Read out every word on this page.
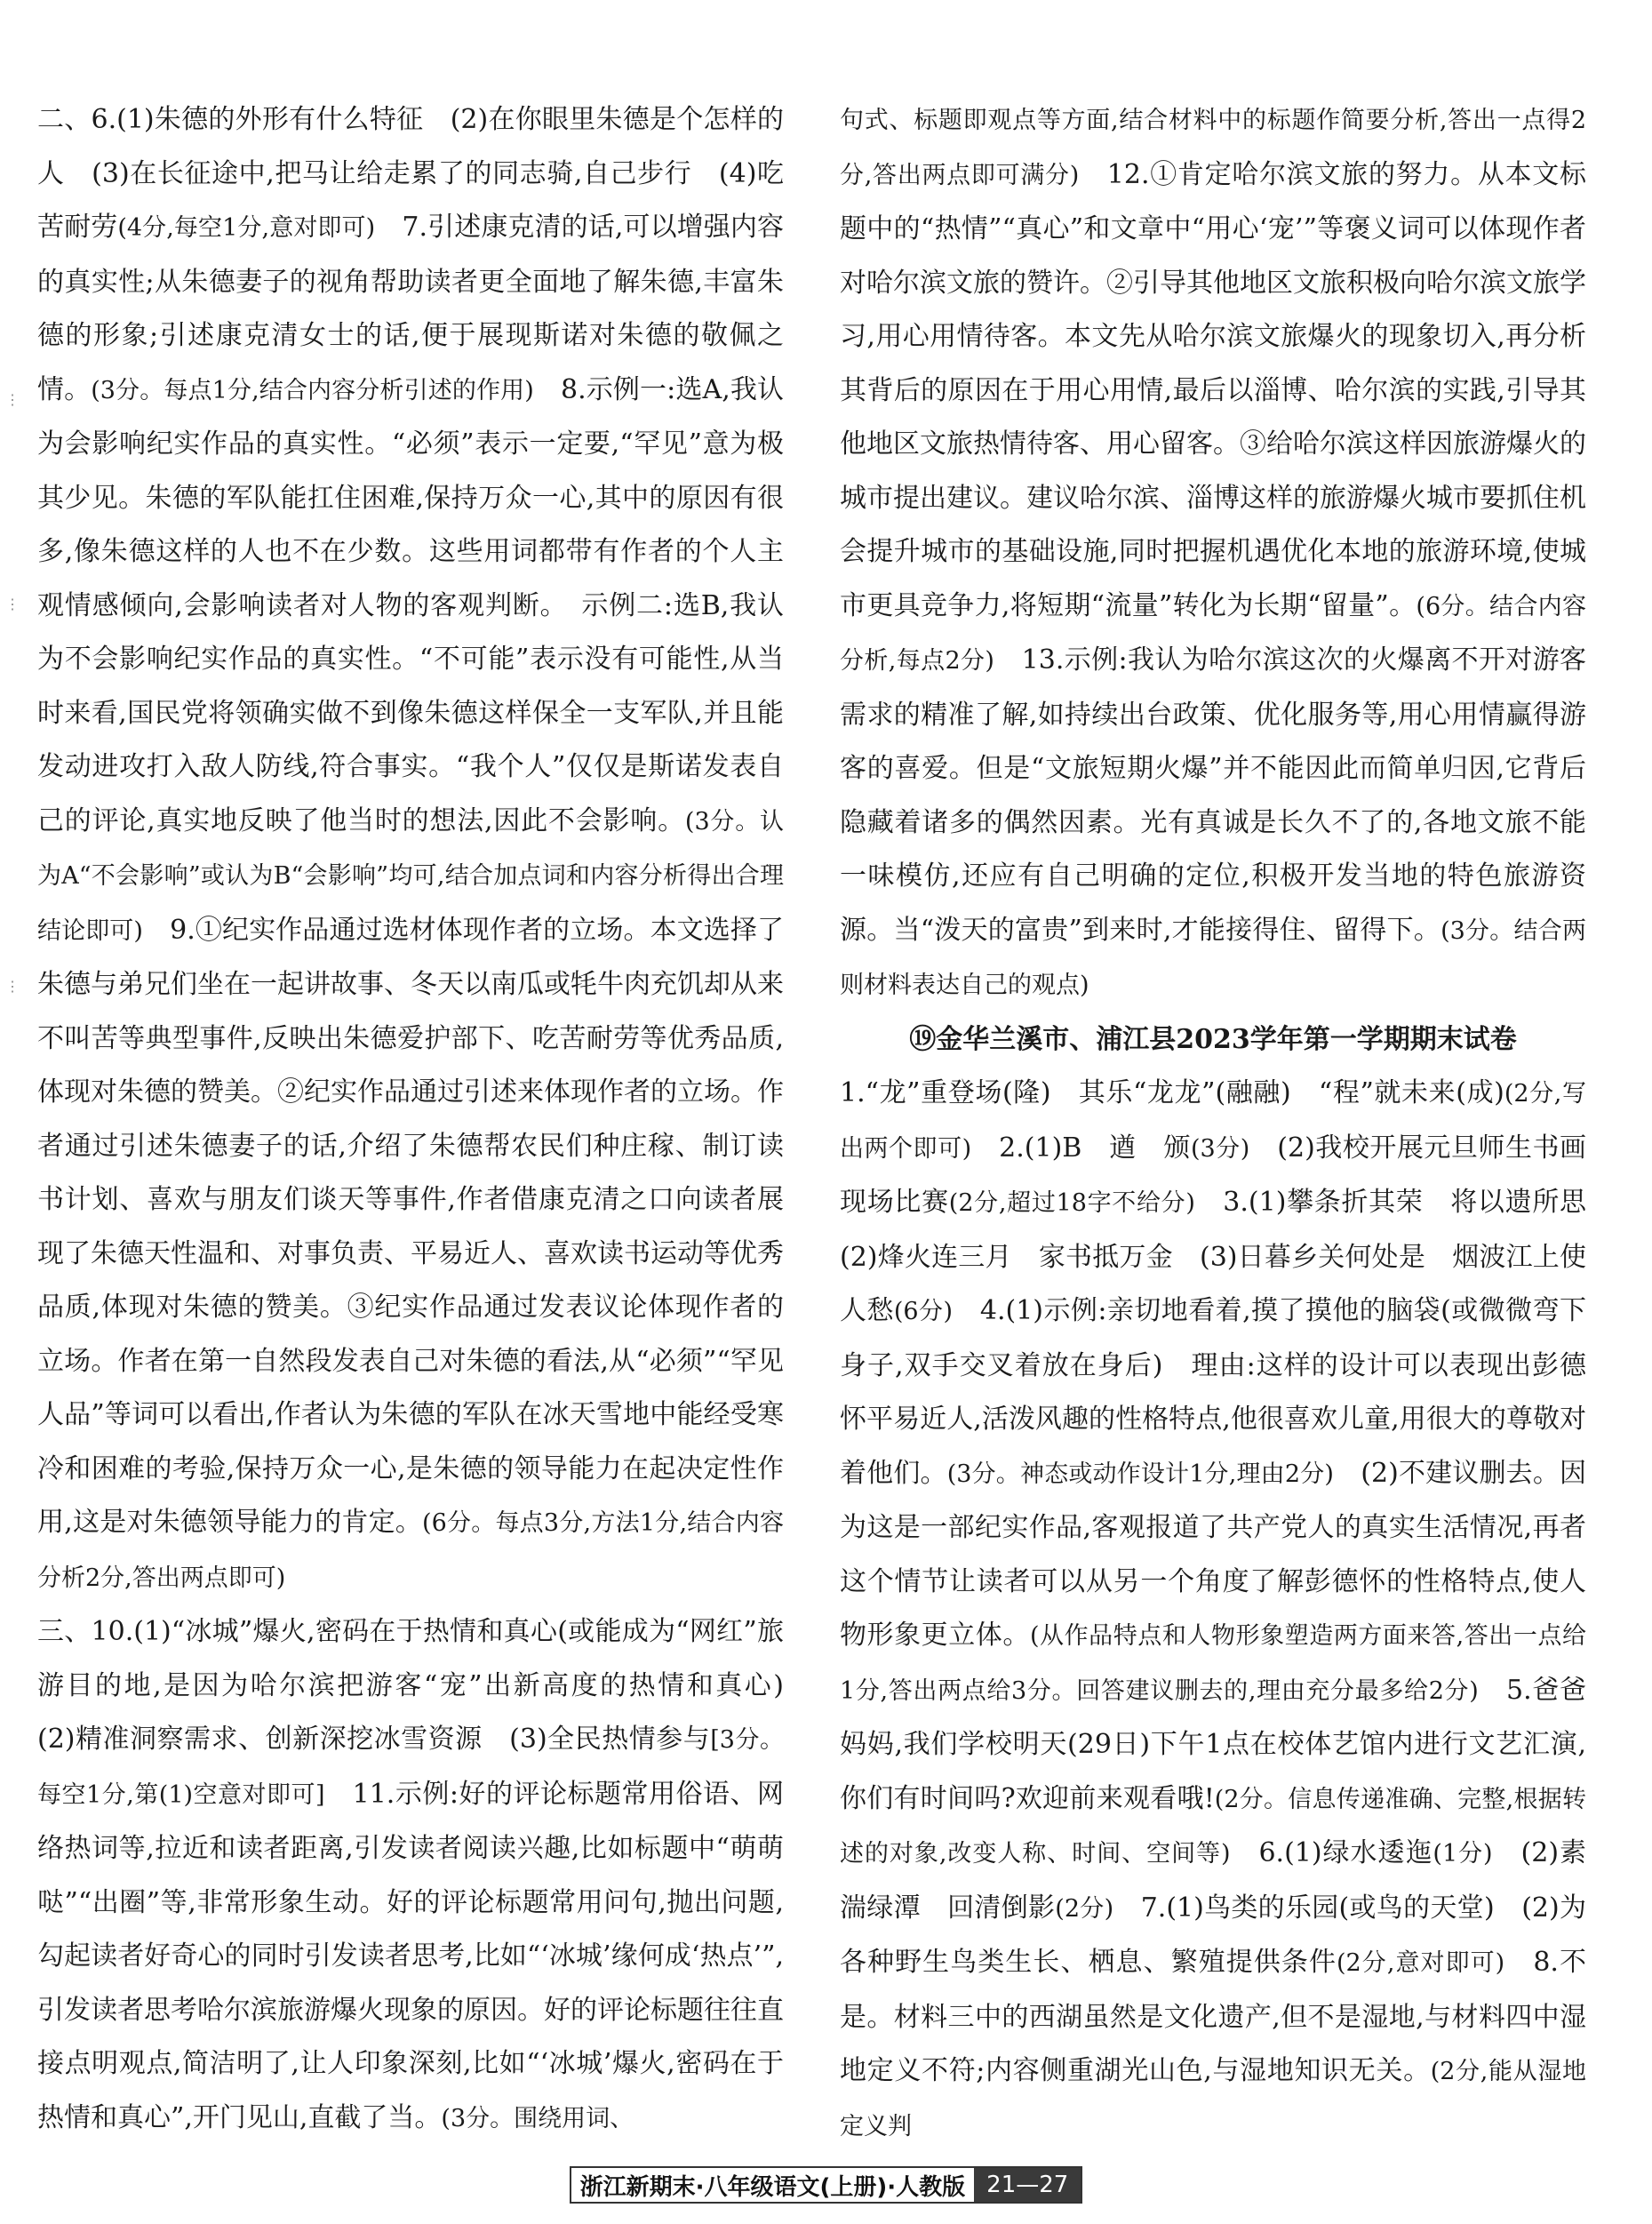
二、6.(1)朱德的外形有什么特征　(2)在你眼里朱德是个怎样的人　(3)在长征途中,把马让给走累了的同志骑,自己步行　(4)吃苦耐劳(4分,每空1分,意对即可)　7.引述康克清的话,可以增强内容的真实性;从朱德妻子的视角帮助读者更全面地了解朱德,丰富朱德的形象;引述康克清女士的话,便于展现斯诺对朱德的敬佩之情。(3分。每点1分,结合内容分析引述的作用)　8.示例一:选A,我认为会影响纪实作品的真实性。“必须”表示一定要,“罕见”意为极其少见。朱德的军队能扛住困难,保持万众一心,其中的原因有很多,像朱德这样的人也不在少数。这些用词都带有作者的个人主观情感倾向,会影响读者对人物的客观判断。　示例二:选B,我认为不会影响纪实作品的真实性。“不可能”表示没有可能性,从当时来看,国民党将领确实做不到像朱德这样保全一支军队,并且能发动进攻打入敌人防线,符合事实。“我个人”仅仅是斯诺发表自己的评论,真实地反映了他当时的想法,因此不会影响。(3分。认为A“不会影响”或认为B“会影响”均可,结合加点词和内容分析得出合理结论即可)　9.①纪实作品通过选材体现作者的立场。本文选择了朱德与弟兄们坐在一起讲故事、冬天以南瓜或牦牛肉充饥却从来不叫苦等典型事件,反映出朱德爱护部下、吃苦耐劳等优秀品质,体现对朱德的赞美。②纪实作品通过引述来体现作者的立场。作者通过引述朱德妻子的话,介绍了朱德帮农民们种庄稼、制订读书计划、喜欢与朋友们谈天等事件,作者借康克清之口向读者展现了朱德天性温和、对事负责、平易近人、喜欢读书运动等优秀品质,体现对朱德的赞美。③纪实作品通过发表议论体现作者的立场。作者在第一自然段发表自己对朱德的看法,从“必须”“罕见人品”等词可以看出,作者认为朱德的军队在冰天雪地中能经受寒冷和困难的考验,保持万众一心,是朱德的领导能力在起决定性作用,这是对朱德领导能力的肯定。(6分。每点3分,方法1分,结合内容分析2分,答出两点即可)

三、10.(1)“冰城”爆火,密码在于热情和真心(或能成为“网红”旅游目的地,是因为哈尔滨把游客“宠”出新高度的热情和真心)　(2)精准洞察需求、创新深挖冰雪资源　(3)全民热情参与[3分。每空1分,第(1)空意对即可]　11.示例:好的评论标题常用俗语、网络热词等,拉近和读者距离,引发读者阅读兴趣,比如标题中“萌萌哒”“出圈”等,非常形象生动。好的评论标题常用问句,抛出问题,勾起读者好奇心的同时引发读者思考,比如“‘冰城’缘何成‘热点’”,引发读者思考哈尔滨旅游爆火现象的原因。好的评论标题往往直接点明观点,简洁明了,让人印象深刻,比如“‘冰城’爆火,密码在于热情和真心”,开门见山,直截了当。(3分。围绕用词、

句式、标题即观点等方面,结合材料中的标题作简要分析,答出一点得2分,答出两点即可满分)　12.①肯定哈尔滨文旅的努力。从本文标题中的“热情”“真心”和文章中“用心‘宠’”等褒义词可以体现作者对哈尔滨文旅的赞许。②引导其他地区文旅积极向哈尔滨文旅学习,用心用情待客。本文先从哈尔滨文旅爆火的现象切入,再分析其背后的原因在于用心用情,最后以淄博、哈尔滨的实践,引导其他地区文旅热情待客、用心留客。③给哈尔滨这样因旅游爆火的城市提出建议。建议哈尔滨、淄博这样的旅游爆火城市要抓住机会提升城市的基础设施,同时把握机遇优化本地的旅游环境,使城市更具竞争力,将短期“流量”转化为长期“留量”。(6分。结合内容分析,每点2分)　13.示例:我认为哈尔滨这次的火爆离不开对游客需求的精准了解,如持续出台政策、优化服务等,用心用情赢得游客的喜爱。但是“文旅短期火爆”并不能因此而简单归因,它背后隐藏着诸多的偶然因素。光有真诚是长久不了的,各地文旅不能一味模仿,还应有自己明确的定位,积极开发当地的特色旅游资源。当“泼天的富贵”到来时,才能接得住、留得下。(3分。结合两则材料表达自己的观点)

⑲金华兰溪市、浦江县2023学年第一学期期末试卷

1.“龙”重登场(隆)　其乐“龙龙”(融融)　“程”就未来(成)(2分,写出两个即可)　2.(1)B　遒　颁(3分)　(2)我校开展元旦师生书画现场比赛(2分,超过18字不给分)　3.(1)攀条折其荣　将以遗所思　(2)烽火连三月　家书抵万金　(3)日暮乡关何处是　烟波江上使人愁(6分)　4.(1)示例:亲切地看着,摸了摸他的脑袋(或微微弯下身子,双手交叉着放在身后)　理由:这样的设计可以表现出彭德怀平易近人,活泼风趣的性格特点,他很喜欢儿童,用很大的尊敬对着他们。(3分。神态或动作设计1分,理由2分)　(2)不建议删去。因为这是一部纪实作品,客观报道了共产党人的真实生活情况,再者这个情节让读者可以从另一个角度了解彭德怀的性格特点,使人物形象更立体。(从作品特点和人物形象塑造两方面来答,答出一点给1分,答出两点给3分。回答建议删去的,理由充分最多给2分)　5.爸爸妈妈,我们学校明天(29日)下午1点在校体艺馆内进行文艺汇演,你们有时间吗?欢迎前来观看哦!(2分。信息传递准确、完整,根据转述的对象,改变人称、时间、空间等)　6.(1)绿水逶迤(1分)　(2)素湍绿潭　回清倒影(2分)　7.(1)鸟类的乐园(或鸟的天堂)　(2)为各种野生鸟类生长、栖息、繁殖提供条件(2分,意对即可)　8.不是。材料三中的西湖虽然是文化遗产,但不是湿地,与材料四中湿地定义不符;内容侧重湖光山色,与湿地知识无关。(2分,能从湿地定义判

⋮
⋮
⋮
浙江新期末·八年级语文(上册)·人教版 21—27
